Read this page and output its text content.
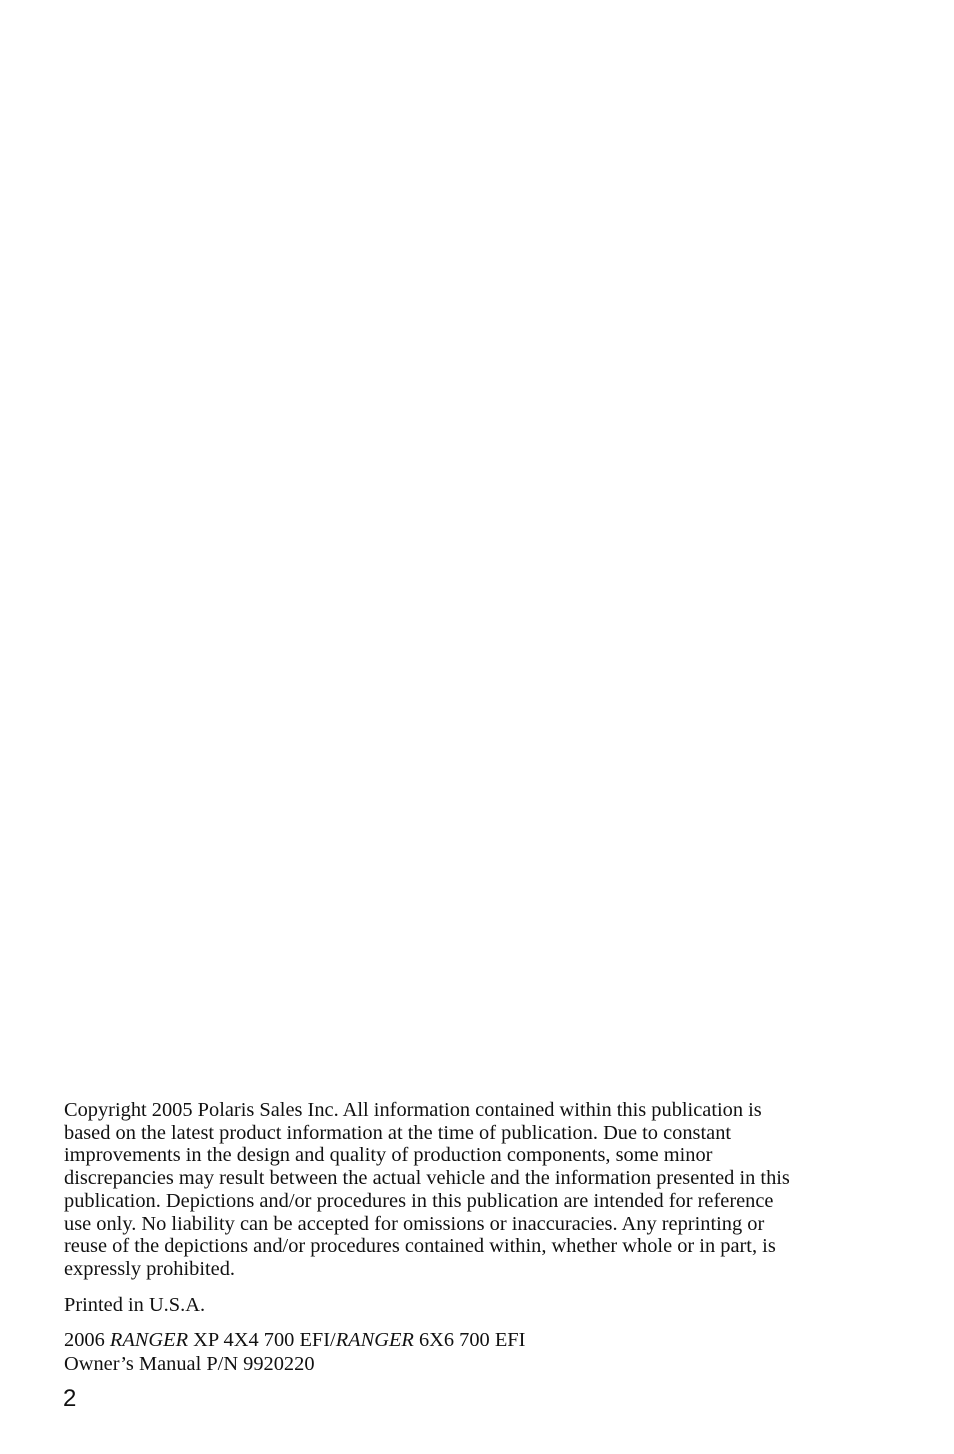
Copyright 2005 Polaris Sales Inc. All information contained within this publication is
based on the latest product information at the time of publication. Due to constant
improvements in the design and quality of production components, some minor
discrepancies may result between the actual vehicle and the information presented in this
publication. Depictions and/or procedures in this publication are intended for reference
use only. No liability can be accepted for omissions or inaccuracies. Any reprinting or
reuse of the depictions and/or procedures contained within, whether whole or in part, is
expressly prohibited.

Printed in U.S.A.

2006 RANGER XP 4X4 700 EFI/RANGER 6X6 700 EFI
Owner’s Manual P/N 9920220

2
